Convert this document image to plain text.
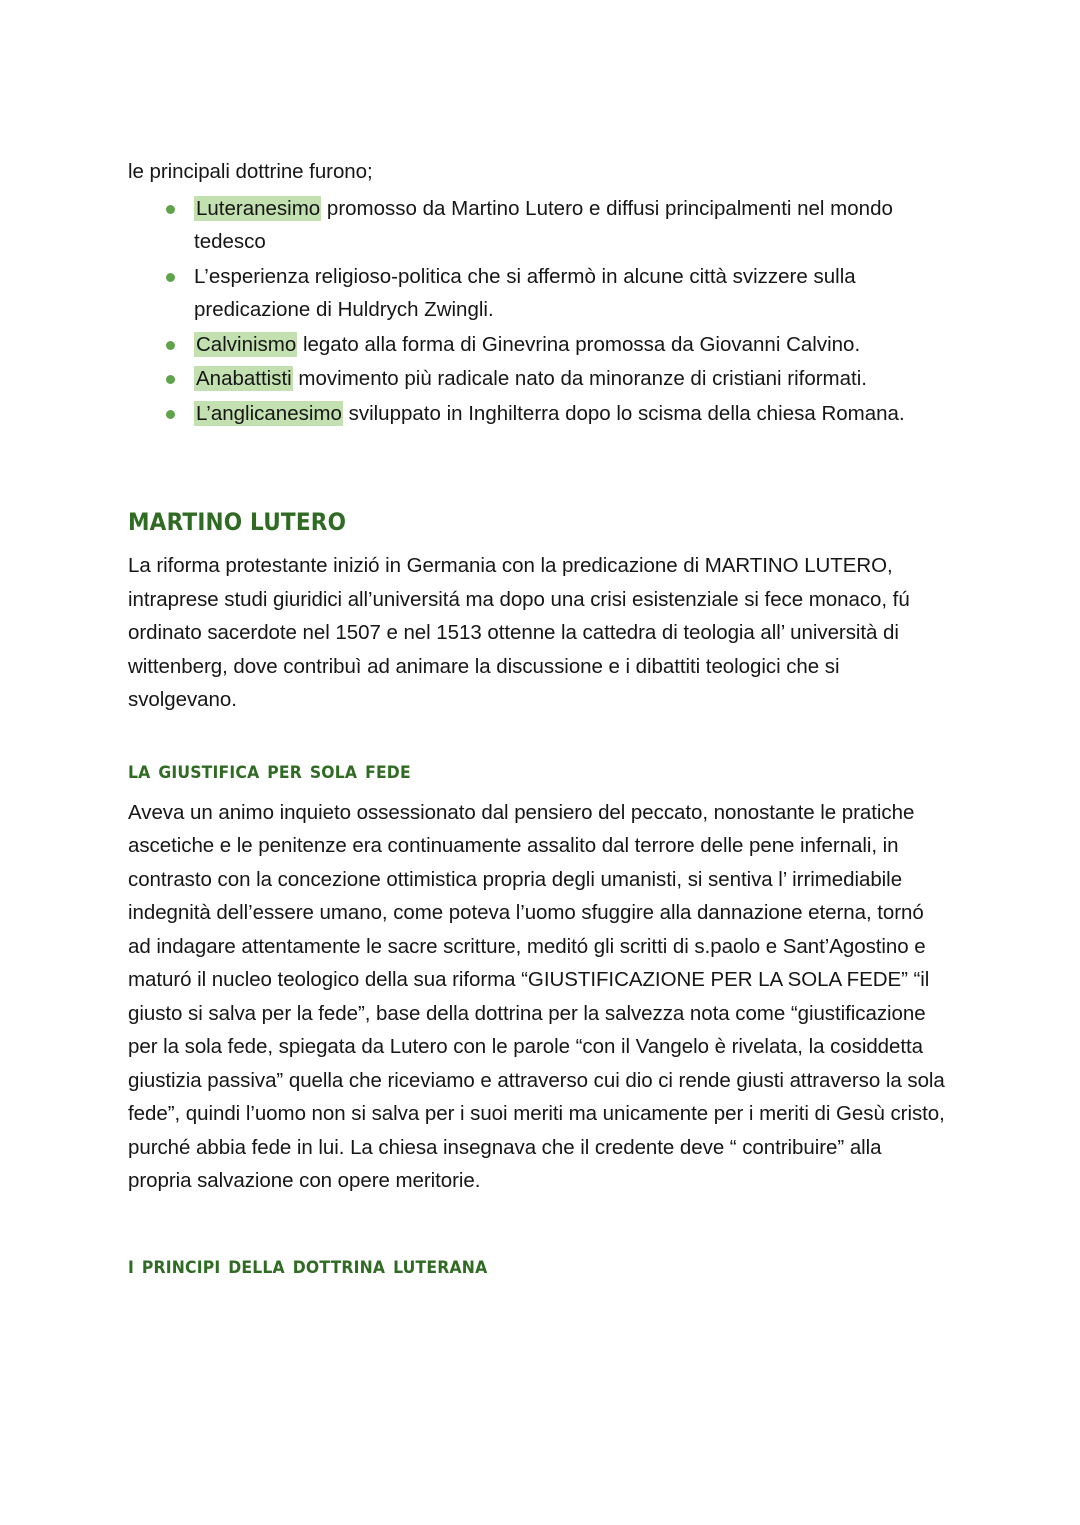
le principali dottrine furono;

Luteranesimo promosso da Martino Lutero e diffusi principalmenti nel mondo tedesco
L’esperienza religioso-politica che si affermò in alcune città svizzere sulla predicazione di Huldrych Zwingli.
Calvinismo legato alla forma di Ginevrina promossa da Giovanni Calvino.
Anabattisti movimento più radicale nato da minoranze di cristiani riformati.
L’anglicanesimo sviluppato in Inghilterra dopo lo scisma della chiesa Romana.
MARTINO LUTERO

La riforma protestante inizió in Germania con la predicazione di MARTINO LUTERO, intraprese studi giuridici all’universitá ma dopo una crisi esistenziale si fece monaco, fú ordinato sacerdote nel 1507 e nel 1513 ottenne la cattedra di teologia all’ università di wittenberg, dove contribuì ad animare la discussione e i dibattiti teologici che si svolgevano.

la giustifica per sola fede

Aveva un animo inquieto ossessionato dal pensiero del peccato, nonostante le pratiche ascetiche e le penitenze era continuamente assalito dal terrore delle pene infernali, in contrasto con la concezione ottimistica propria degli umanisti, si sentiva l’ irrimediabile indegnità dell’essere umano, come poteva l’uomo sfuggire alla dannazione eterna, tornó ad indagare attentamente le sacre scritture, meditó gli scritti di s.paolo e Sant’Agostino e maturó il nucleo teologico della sua riforma “GIUSTIFICAZIONE PER LA SOLA FEDE” “il giusto si salva per la fede”, base della dottrina per la salvezza nota come “giustificazione per la sola fede, spiegata da Lutero con le parole “con il Vangelo è rivelata, la cosiddetta giustizia passiva” quella che riceviamo e attraverso cui dio ci rende giusti attraverso la sola fede”, quindi l’uomo non si salva per i suoi meriti ma unicamente per i meriti di Gesù cristo, purché abbia fede in lui. La chiesa insegnava che il credente deve “ contribuire” alla propria salvazione con opere meritorie.

i principi della dottrina luterana
